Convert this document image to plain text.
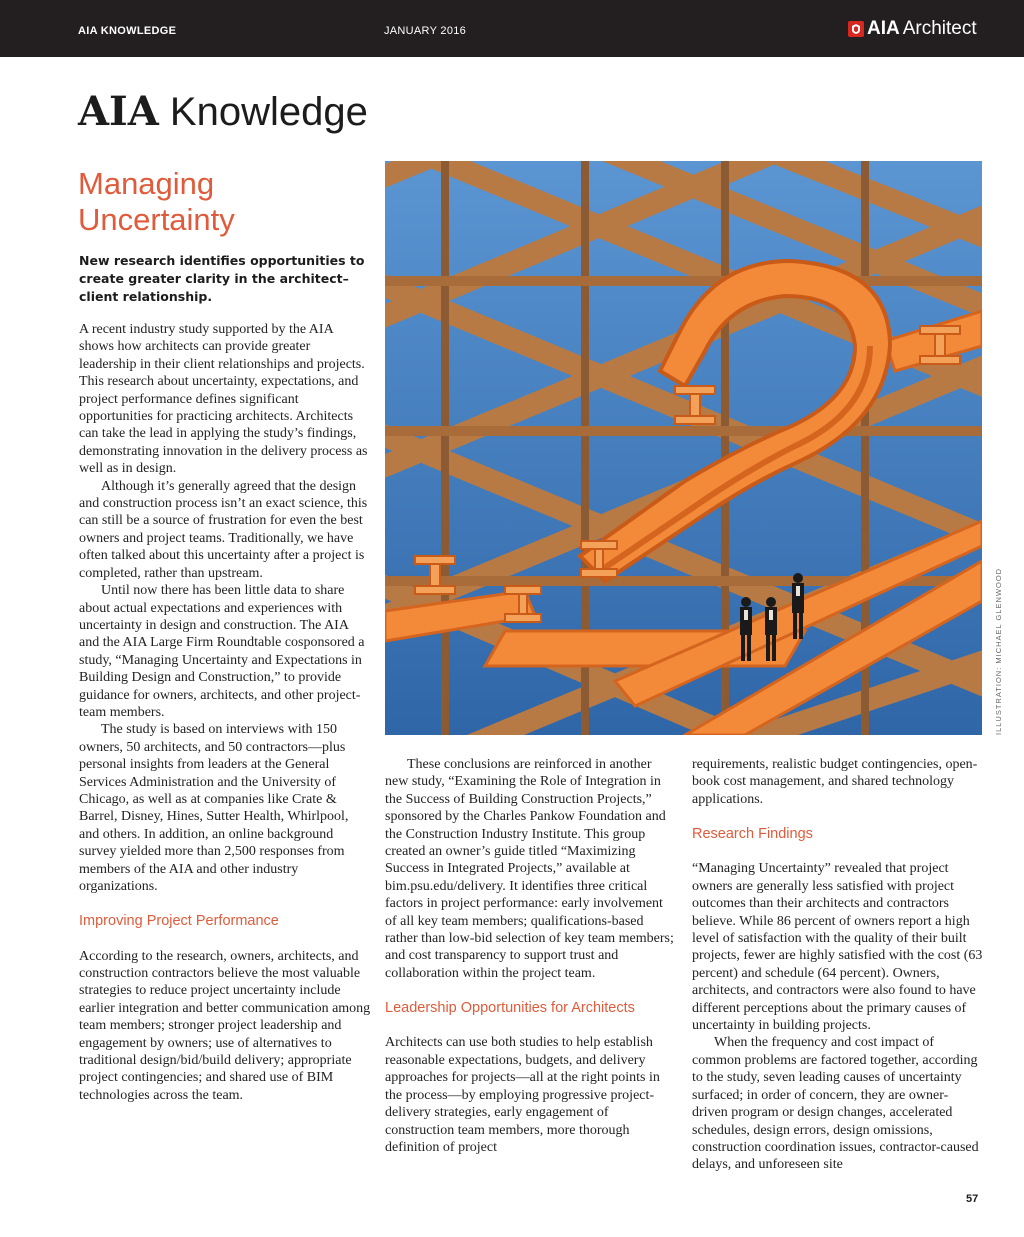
AIA KNOWLEDGE	JANUARY 2016	AIA Architect
AIA Knowledge
Managing
Uncertainty
New research identifies opportunities to create greater clarity in the architect–client relationship.

A recent industry study supported by the AIA shows how architects can provide greater leadership in their client relationships and projects. This research about uncertainty, expectations, and project performance defines significant opportunities for practicing architects. Architects can take the lead in applying the study’s findings, demonstrating innovation in the delivery process as well as in design.

Although it’s generally agreed that the design and construction process isn’t an exact science, this can still be a source of frustration for even the best owners and project teams. Traditionally, we have often talked about this uncertainty after a project is completed, rather than upstream.

Until now there has been little data to share about actual expectations and experiences with uncertainty in design and construction. The AIA and the AIA Large Firm Roundtable cosponsored a study, “Managing Uncertainty and Expectations in Building Design and Construction,” to provide guidance for owners, architects, and other project-team members.

The study is based on interviews with 150 owners, 50 architects, and 50 contractors—plus personal insights from leaders at the General Services Administration and the University of Chicago, as well as at companies like Crate & Barrel, Disney, Hines, Sutter Health, Whirlpool, and others. In addition, an online background survey yielded more than 2,500 responses from members of the AIA and other industry organizations.

Improving Project Performance

According to the research, owners, architects, and construction contractors believe the most valuable strategies to reduce project uncertainty include earlier integration and better communication among team members; stronger project leadership and engagement by owners; use of alternatives to traditional design/bid/build delivery; appropriate project contingencies; and shared use of BIM technologies across the team.

ILLUSTRATION: MICHAEL GLENWOOD

These conclusions are reinforced in another new study, “Examining the Role of Integration in the Success of Building Construction Projects,” sponsored by the Charles Pankow Foundation and the Construction Industry Institute. This group created an owner’s guide titled “Maximizing Success in Integrated Projects,” available at bim.psu.edu/delivery. It identifies three critical factors in project performance: early involvement of all key team members; qualifications-based rather than low-bid selection of key team members; and cost transparency to support trust and collaboration within the project team.

Leadership Opportunities for Architects

Architects can use both studies to help establish reasonable expectations, budgets, and delivery approaches for projects—all at the right points in the process—by employing progressive project-delivery strategies, early engagement of construction team members, more thorough definition of project

requirements, realistic budget contingencies, open-book cost management, and shared technology applications.

Research Findings

“Managing Uncertainty” revealed that project owners are generally less satisfied with project outcomes than their architects and contractors believe. While 86 percent of owners report a high level of satisfaction with the quality of their built projects, fewer are highly satisfied with the cost (63 percent) and schedule (64 percent). Owners, architects, and contractors were also found to have different perceptions about the primary causes of uncertainty in building projects.

When the frequency and cost impact of common problems are factored together, according to the study, seven leading causes of uncertainty surfaced; in order of concern, they are owner-driven program or design changes, accelerated schedules, design errors, design omissions, construction coordination issues, contractor-caused delays, and unforeseen site

57
